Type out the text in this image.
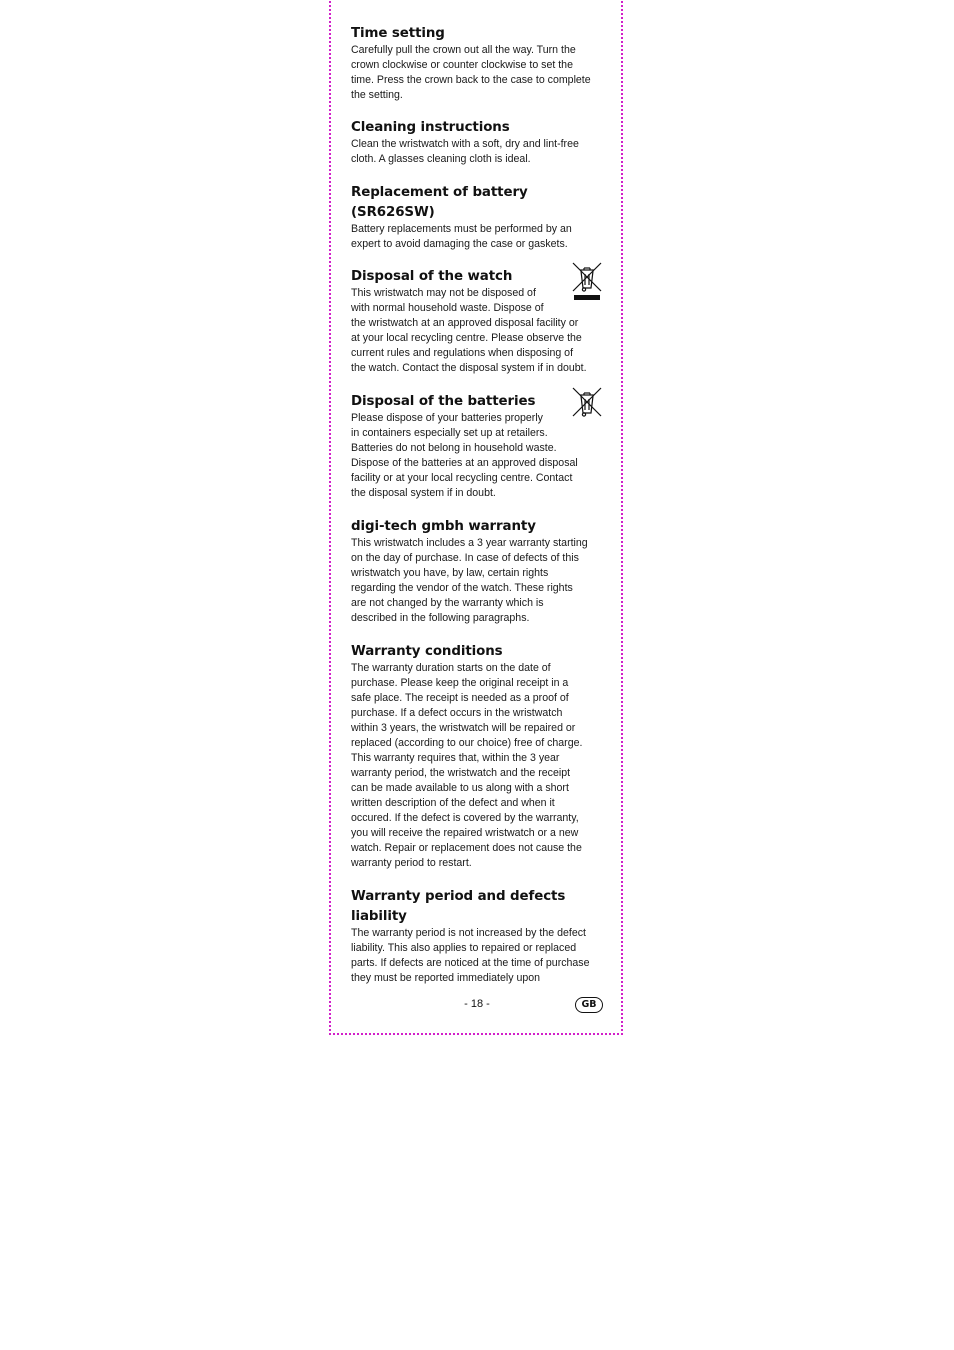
Time setting

Carefully pull the crown out all the way. Turn the
crown clockwise or counter clockwise to set the
time. Press the crown back to the case to complete
the setting.

Cleaning instructions

Clean the wristwatch with a soft, dry and lint-free
cloth. A glasses cleaning cloth is ideal.

Replacement of battery
(SR626SW)

Battery replacements must be performed by an
expert to avoid damaging the case or gaskets.

Disposal of the watch

This wristwatch may not be disposed of
with normal household waste. Dispose of
the wristwatch at an approved disposal facility or
at your local recycling centre. Please observe the
current rules and regulations when disposing of
the watch. Contact the disposal system if in doubt.

Disposal of the batteries

Please dispose of your batteries properly
in containers especially set up at retailers.
Batteries do not belong in household waste.
Dispose of the batteries at an approved disposal
facility or at your local recycling centre. Contact
the disposal system if in doubt.

digi-tech gmbh warranty

This wristwatch includes a 3 year warranty starting
on the day of purchase. In case of defects of this
wristwatch you have, by law, certain rights
regarding the vendor of the watch. These rights
are not changed by the warranty which is
described in the following paragraphs.

Warranty conditions

The warranty duration starts on the date of
purchase. Please keep the original receipt in a
safe place. The receipt is needed as a proof of
purchase. If a defect occurs in the wristwatch
within 3 years, the wristwatch will be repaired or
replaced (according to our choice) free of charge.
This warranty requires that, within the 3 year
warranty period, the wristwatch and the receipt
can be made available to us along with a short
written description of the defect and when it
occured. If the defect is covered by the warranty,
you will receive the repaired wristwatch or a new
watch. Repair or replacement does not cause the
warranty period to restart.

Warranty period and defects
liability

The warranty period is not increased by the defect
liability. This also applies to repaired or replaced
parts. If defects are noticed at the time of purchase
they must be reported immediately upon

- 18 -	GB
